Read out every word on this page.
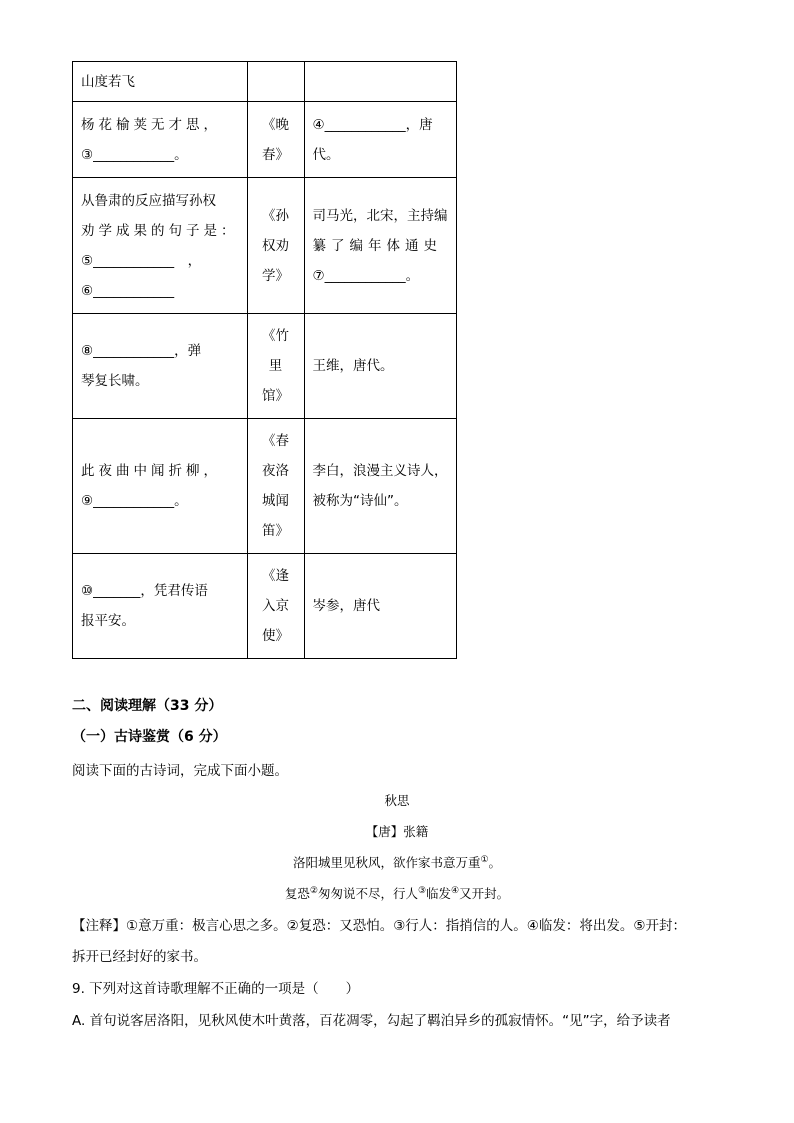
山度若飞		

杨花榆荚无才思，
③____________。	《晚
春》	④____________，唐
代。

从鲁肃的反应描写孙权
劝学成果的句子是：
⑤____________　，
⑥____________	《孙
权劝
学》	司马光，北宋，主持编
纂了编年体通史
⑦____________。

⑧____________，弹
琴复长啸。	《竹
里
馆》	王维，唐代。

此夜曲中闻折柳，
⑨____________。	《春
夜洛
城闻
笛》	李白，浪漫主义诗人，
被称为“诗仙”。

⑩_______，凭君传语
报平安。	《逢
入京
使》	岑参，唐代
二、阅读理解（33 分）
（一）古诗鉴赏（6 分）
阅读下面的古诗词，完成下面小题。
秋思
【唐】张籍
洛阳城里见秋风，欲作家书意万重①。
复恐②匆匆说不尽，行人③临发④又开封。
【注释】①意万重：极言心思之多。②复恐：又恐怕。③行人：指捎信的人。④临发：将出发。⑤开封：
拆开已经封好的家书。
9. 下列对这首诗歌理解不正确的一项是（　　）
A. 首句说客居洛阳，见秋风使木叶黄落，百花凋零，勾起了羁泊异乡的孤寂情怀。“见”字，给予读者
